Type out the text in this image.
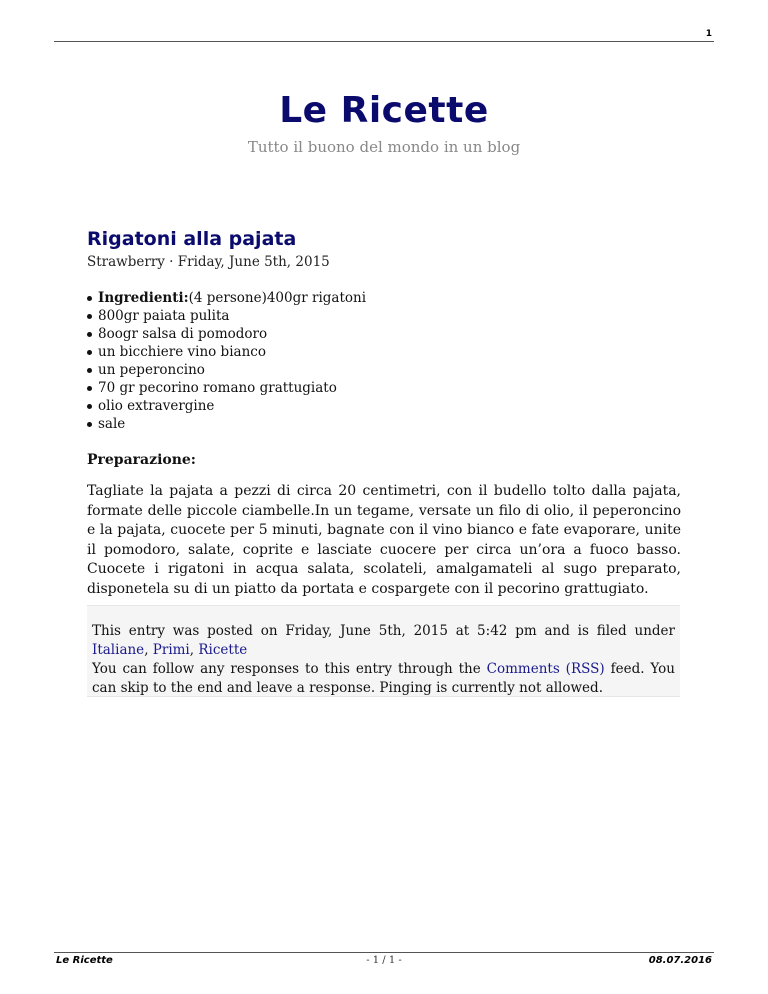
1
Le Ricette
Tutto il buono del mondo in un blog
Rigatoni alla pajata
Strawberry · Friday, June 5th, 2015
Ingredienti:(4 persone)400gr rigatoni
800gr paiata pulita
8oogr salsa di pomodoro
un bicchiere vino bianco
un peperoncino
70 gr pecorino romano grattugiato
olio extravergine
sale
Preparazione:

Tagliate la pajata a pezzi di circa 20 centimetri, con il budello tolto dalla pajata, formate delle piccole ciambelle.In un tegame, versate un filo di olio, il peperoncino e la pajata, cuocete per 5 minuti, bagnate con il vino bianco e fate evaporare, unite il pomodoro, salate, coprite e lasciate cuocere per circa un’ora a fuoco basso. Cuocete i rigatoni in acqua salata, scolateli, amalgamateli al sugo preparato, disponetela su di un piatto da portata e cospargete con il pecorino grattugiato.

This entry was posted on Friday, June 5th, 2015 at 5:42 pm and is filed under Italiane, Primi, Ricette
You can follow any responses to this entry through the Comments (RSS) feed. You can skip to the end and leave a response. Pinging is currently not allowed.
Le Ricette	- 1 / 1 -	08.07.2016
